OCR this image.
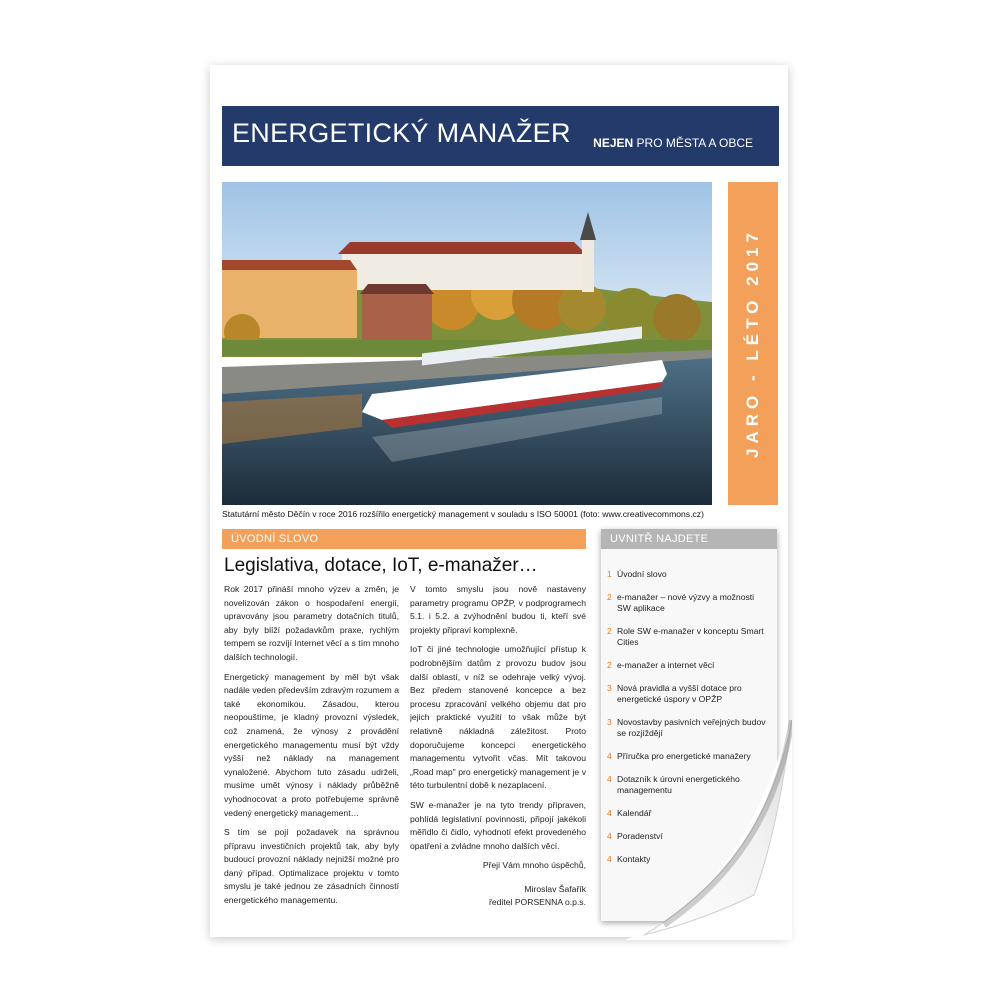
ENERGETICKÝ MANAŽER NEJEN PRO MĚSTA A OBCE
JARO - LÉTO 2017
Statutární město Děčín v roce 2016 rozšířilo energetický management v souladu s ISO 50001 (foto: www.creativecommons.cz)
ÚVODNÍ SLOVO
Legislativa, dotace, IoT, e-manažer…

Rok 2017 přináší mnoho výzev a změn, je novelizován zákon o hospodaření energií, upravovány jsou parametry dotačních titulů, aby byly blíží požadavkům praxe, rychlým tempem se rozvíjí Internet věcí a s tím mnoho dalších technologií.

Energetický management by měl být však nadále veden především zdravým rozumem a také ekonomikou. Zásadou, kterou neopouštíme, je kladný provozní výsledek, což znamená, že výnosy z provádění energetického managementu musí být vždy vyšší než náklady na management vynaložené. Abychom tuto zásadu udrželi, musíme umět výnosy i náklady průběžně vyhodnocovat a proto potřebujeme správně vedený energetický management…

S tím se pojí požadavek na správnou přípravu investičních projektů tak, aby byly budoucí provozní náklady nejnižší možné pro daný případ. Optimalizace projektu v tomto smyslu je také jednou ze zásadních činností energetického managementu.

V tomto smyslu jsou nově nastaveny parametry programu OPŽP, v podprogramech 5.1. i 5.2. a zvýhodnění budou ti, kteří své projekty připraví komplexně.

IoT či jiné technologie umožňující přístup k podrobnějším datům z provozu budov jsou další oblastí, v níž se odehraje velký vývoj. Bez předem stanovené koncepce a bez procesu zpracování velkého objemu dat pro jejich praktické využití to však může být relativně nákladná záležitost. Proto doporučujeme koncepci energetického managementu vytvořit včas. Mít takovou „Road map" pro energetický management je v této turbulentní době k nezaplacení.

SW e-manažer je na tyto trendy připraven, pohlídá legislativní povinnosti, připojí jakékoli měřidlo či čidlo, vyhodnotí efekt provedeného opatření a zvládne mnoho dalších věcí.

Přeji Vám mnoho úspěchů,

Miroslav Šafařík

ředitel PORSENNA o.p.s.

UVNITŘ NAJDETE
1 Úvodní slovo
2 e-manažer – nové výzvy a možnosti SW aplikace
2 Role SW e-manažer v konceptu Smart Cities
2 e-manažer a internet věcí
3 Nová pravidla a vyšší dotace pro energetické úspory v OPŽP
3 Novostavby pasivních veřejných budov se rozjíždějí
4 Příručka pro energetické manažery
4 Dotazník k úrovni energetického managementu
4 Kalendář
4 Poradenství
4 Kontakty
